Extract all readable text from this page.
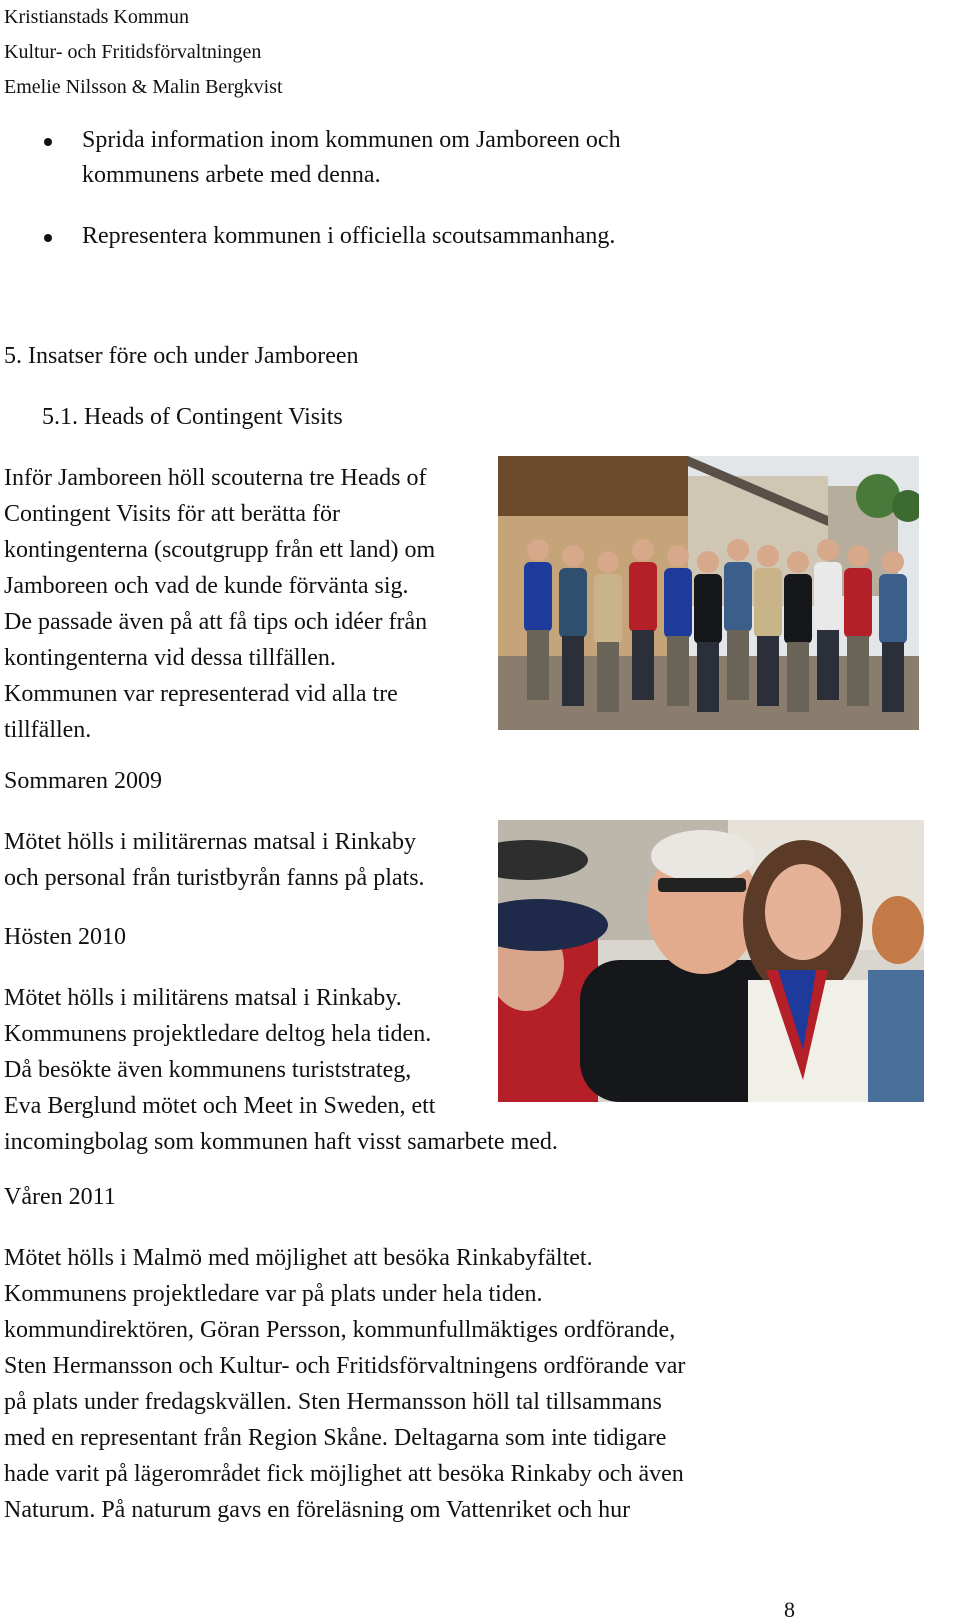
Kristianstads Kommun
Kultur- och Fritidsförvaltningen
Emelie Nilsson & Malin Bergkvist
Sprida information inom kommunen om Jamboreen och
kommunens arbete med denna.
Representera kommunen i officiella scoutsammanhang.
5. Insatser före och under Jamboreen
5.1. Heads of Contingent Visits
Inför Jamboreen höll scouterna tre Heads of
Contingent Visits för att berätta för
kontingenterna (scoutgrupp från ett land) om
Jamboreen och vad de kunde förvänta sig.
De passade även på att få tips och idéer från
kontingenterna vid dessa tillfällen.
Kommunen var representerad vid alla tre
tillfällen.
Sommaren 2009
Mötet hölls i militärernas matsal i Rinkaby
och personal från turistbyrån fanns på plats.
Hösten 2010
Mötet hölls i militärens matsal i Rinkaby.
Kommunens projektledare deltog hela tiden.
Då besökte även kommunens turiststrateg,
Eva Berglund mötet och Meet in Sweden, ett
incomingbolag som kommunen haft visst samarbete med.
Våren 2011
Mötet hölls i Malmö med möjlighet att besöka Rinkabyfältet.
Kommunens projektledare var på plats under hela tiden.
kommundirektören, Göran Persson, kommunfullmäktiges ordförande,
Sten Hermansson och Kultur- och Fritidsförvaltningens ordförande var
på plats under fredagskvällen. Sten Hermansson höll tal tillsammans
med en representant från Region Skåne. Deltagarna som inte tidigare
hade varit på lägerområdet fick möjlighet att besöka Rinkaby och även
Naturum. På naturum gavs en föreläsning om Vattenriket och hur
8
